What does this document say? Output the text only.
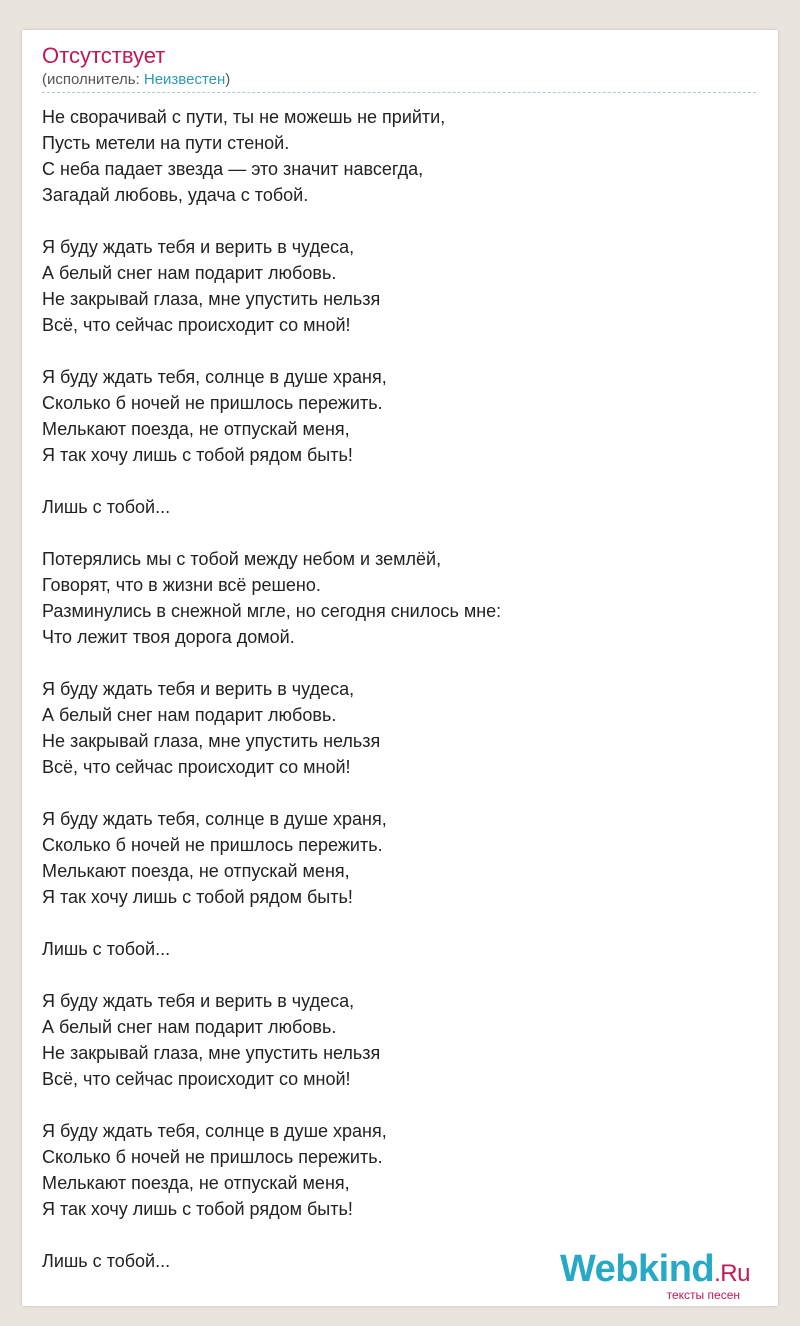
Отсутствует
(исполнитель: Неизвестен)
Не сворачивай с пути, ты не можешь не прийти,
Пусть метели на пути стеной.
С неба падает звезда — это значит навсегда,
Загадай любовь, удача с тобой.
Я буду ждать тебя и верить в чудеса,
А белый снег нам подарит любовь.
Не закрывай глаза, мне упустить нельзя
Всё, что сейчас происходит со мной!
Я буду ждать тебя, солнце в душе храня,
Сколько б ночей не пришлось пережить.
Мелькают поезда, не отпускай меня,
Я так хочу лишь с тобой рядом быть!
Лишь с тобой...
Потерялись мы с тобой между небом и землёй,
Говорят, что в жизни всё решено.
Разминулись в снежной мгле, но сегодня снилось мне:
Что лежит твоя дорога домой.
Я буду ждать тебя и верить в чудеса,
А белый снег нам подарит любовь.
Не закрывай глаза, мне упустить нельзя
Всё, что сейчас происходит со мной!
Я буду ждать тебя, солнце в душе храня,
Сколько б ночей не пришлось пережить.
Мелькают поезда, не отпускай меня,
Я так хочу лишь с тобой рядом быть!
Лишь с тобой...
Я буду ждать тебя и верить в чудеса,
А белый снег нам подарит любовь.
Не закрывай глаза, мне упустить нельзя
Всё, что сейчас происходит со мной!
Я буду ждать тебя, солнце в душе храня,
Сколько б ночей не пришлось пережить.
Мелькают поезда, не отпускай меня,
Я так хочу лишь с тобой рядом быть!
Лишь с тобой...	Webkind.Ru
тексты песен
